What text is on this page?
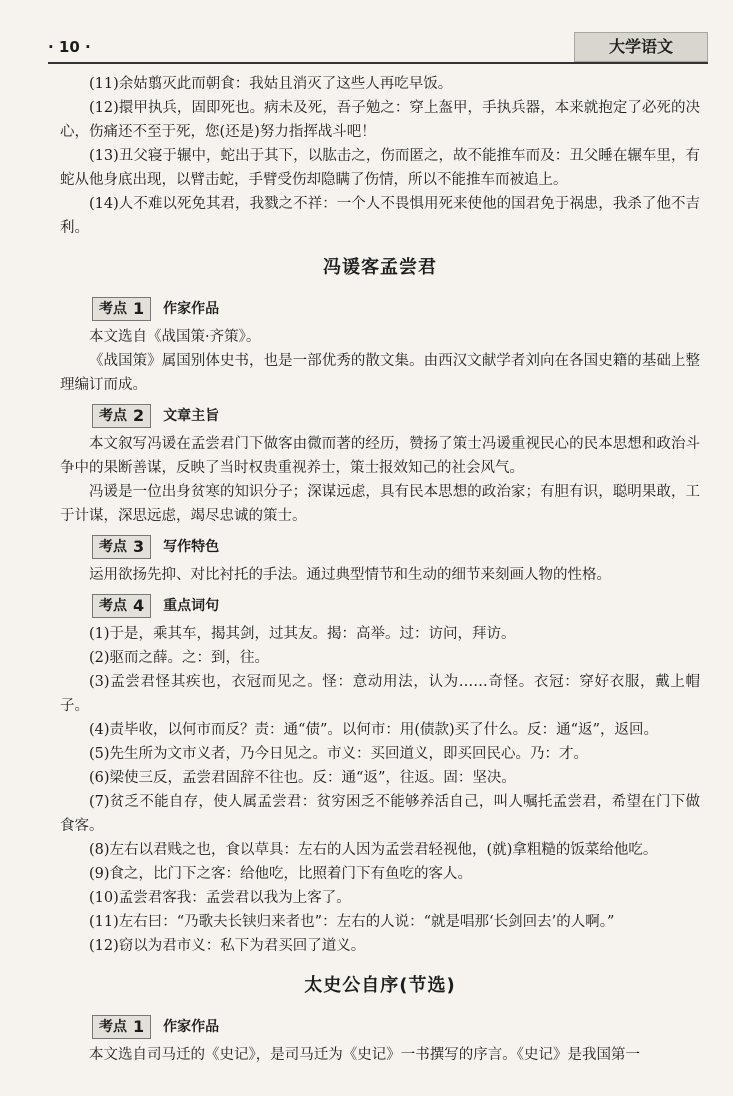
· 10 ·	大学语文

(11)余姑翦灭此而朝食：我姑且消灭了这些人再吃早饭。

(12)擐甲执兵，固即死也。病未及死，吾子勉之：穿上盔甲，手执兵器，本来就抱定了必死的决心，伤痛还不至于死，您(还是)努力指挥战斗吧！

(13)丑父寝于辗中，蛇出于其下，以肱击之，伤而匿之，故不能推车而及：丑父睡在辗车里，有蛇从他身底出现，以臂击蛇，手臂受伤却隐瞒了伤情，所以不能推车而被追上。

(14)人不难以死免其君，我戮之不祥：一个人不畏惧用死来使他的国君免于祸患，我杀了他不吉利。

冯谖客孟尝君
考点 1 作家作品

本文选自《战国策·齐策》。

《战国策》属国别体史书，也是一部优秀的散文集。由西汉文献学者刘向在各国史籍的基础上整理编订而成。

考点 2 文章主旨

本文叙写冯谖在孟尝君门下做客由微而著的经历，赞扬了策士冯谖重视民心的民本思想和政治斗争中的果断善谋，反映了当时权贵重视养士，策士报效知己的社会风气。

冯谖是一位出身贫寒的知识分子；深谋远虑，具有民本思想的政治家；有胆有识，聪明果敢，工于计谋，深思远虑，竭尽忠诚的策士。

考点 3 写作特色

运用欲扬先抑、对比衬托的手法。通过典型情节和生动的细节来刻画人物的性格。

考点 4 重点词句

(1)于是，乘其车，揭其剑，过其友。揭：高举。过：访问，拜访。

(2)驱而之薛。之：到，往。

(3)孟尝君怪其疾也，衣冠而见之。怪：意动用法，认为……奇怪。衣冠：穿好衣服，戴上帽子。

(4)责毕收，以何市而反？责：通“债”。以何市：用(债款)买了什么。反：通“返”，返回。

(5)先生所为文市义者，乃今日见之。市义：买回道义，即买回民心。乃：才。

(6)梁使三反，孟尝君固辞不往也。反：通“返”，往返。固：坚决。

(7)贫乏不能自存，使人属孟尝君：贫穷困乏不能够养活自己，叫人嘱托孟尝君，希望在门下做食客。

(8)左右以君贱之也，食以草具：左右的人因为孟尝君轻视他，(就)拿粗糙的饭菜给他吃。

(9)食之，比门下之客：给他吃，比照着门下有鱼吃的客人。

(10)孟尝君客我：孟尝君以我为上客了。

(11)左右曰：“乃歌夫长铗归来者也”：左右的人说：“就是唱那‘长剑回去’的人啊。”

(12)窃以为君市义：私下为君买回了道义。

太史公自序(节选)
考点 1 作家作品

本文选自司马迁的《史记》，是司马迁为《史记》一书撰写的序言。《史记》是我国第一
